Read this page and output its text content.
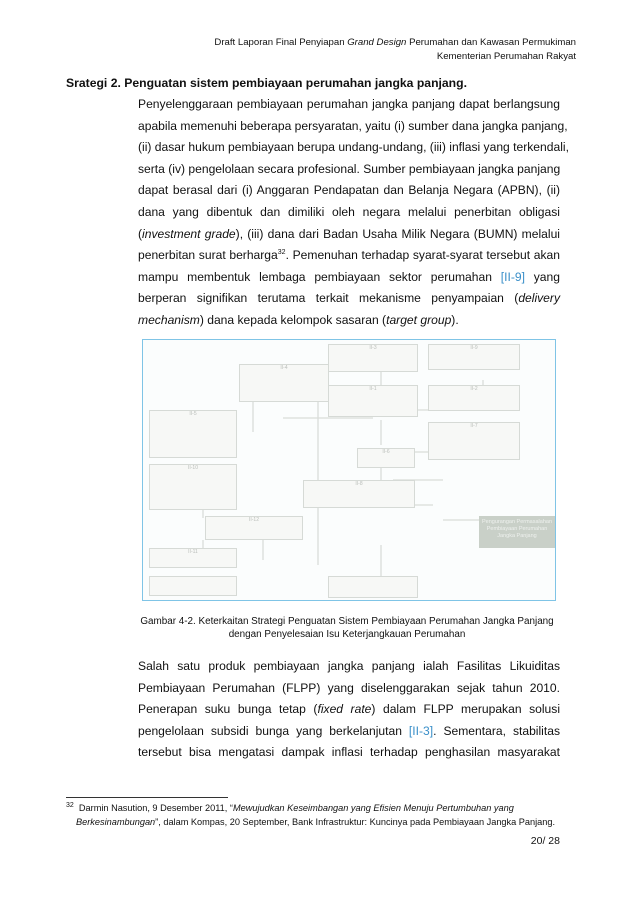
Draft Laporan Final Penyiapan Grand Design Perumahan dan Kawasan Permukiman
Kementerian Perumahan Rakyat
Srategi 2. Penguatan sistem pembiayaan perumahan jangka panjang.
Penyelenggaraan pembiayaan perumahan jangka panjang dapat berlangsung
apabila memenuhi beberapa persyaratan, yaitu (i) sumber dana jangka panjang,
(ii) dasar hukum pembiayaan berupa undang-undang, (iii) inflasi yang terkendali,
serta (iv) pengelolaan secara profesional. Sumber pembiayaan jangka panjang
dapat berasal dari (i) Anggaran Pendapatan dan Belanja Negara (APBN), (ii)
dana yang dibentuk dan dimiliki oleh negara melalui penerbitan obligasi
(investment grade), (iii) dana dari Badan Usaha Milik Negara (BUMN) melalui
penerbitan surat berharga$^{32}$. Pemenuhan terhadap syarat-syarat tersebut akan
mampu membentuk lembaga pembiayaan sektor perumahan [II-9] yang
berperan signifikan terutama terkait mekanisme penyampaian (delivery
mechanism) dana kepada kelompok sasaran (target group).
II-3	II-9
II-4
II-1	II-2
II-5
II-7
II-6
II-10
II-8
II-12
II-11
Pengurangan Permasalahan Pembiayaan Perumahan Jangka Panjang
Gambar 4-2. Keterkaitan Strategi Penguatan Sistem Pembiayaan Perumahan Jangka Panjang
dengan Penyelesaian Isu Keterjangkauan Perumahan
Salah satu produk pembiayaan jangka panjang ialah Fasilitas Likuiditas
Pembiayaan Perumahan (FLPP) yang diselenggarakan sejak tahun 2010.
Penerapan suku bunga tetap (fixed rate) dalam FLPP merupakan solusi
pengelolaan subsidi bunga yang berkelanjutan [II-3]. Sementara, stabilitas
tersebut bisa mengatasi dampak inflasi terhadap penghasilan masyarakat
$^{32}$ Darmin Nasution, 9 Desember 2011, “Mewujudkan Keseimbangan yang Efisien Menuju Pertumbuhan yang
Berkesinambungan”, dalam Kompas, 20 September, Bank Infrastruktur: Kuncinya pada Pembiayaan Jangka Panjang.
20/ 28
